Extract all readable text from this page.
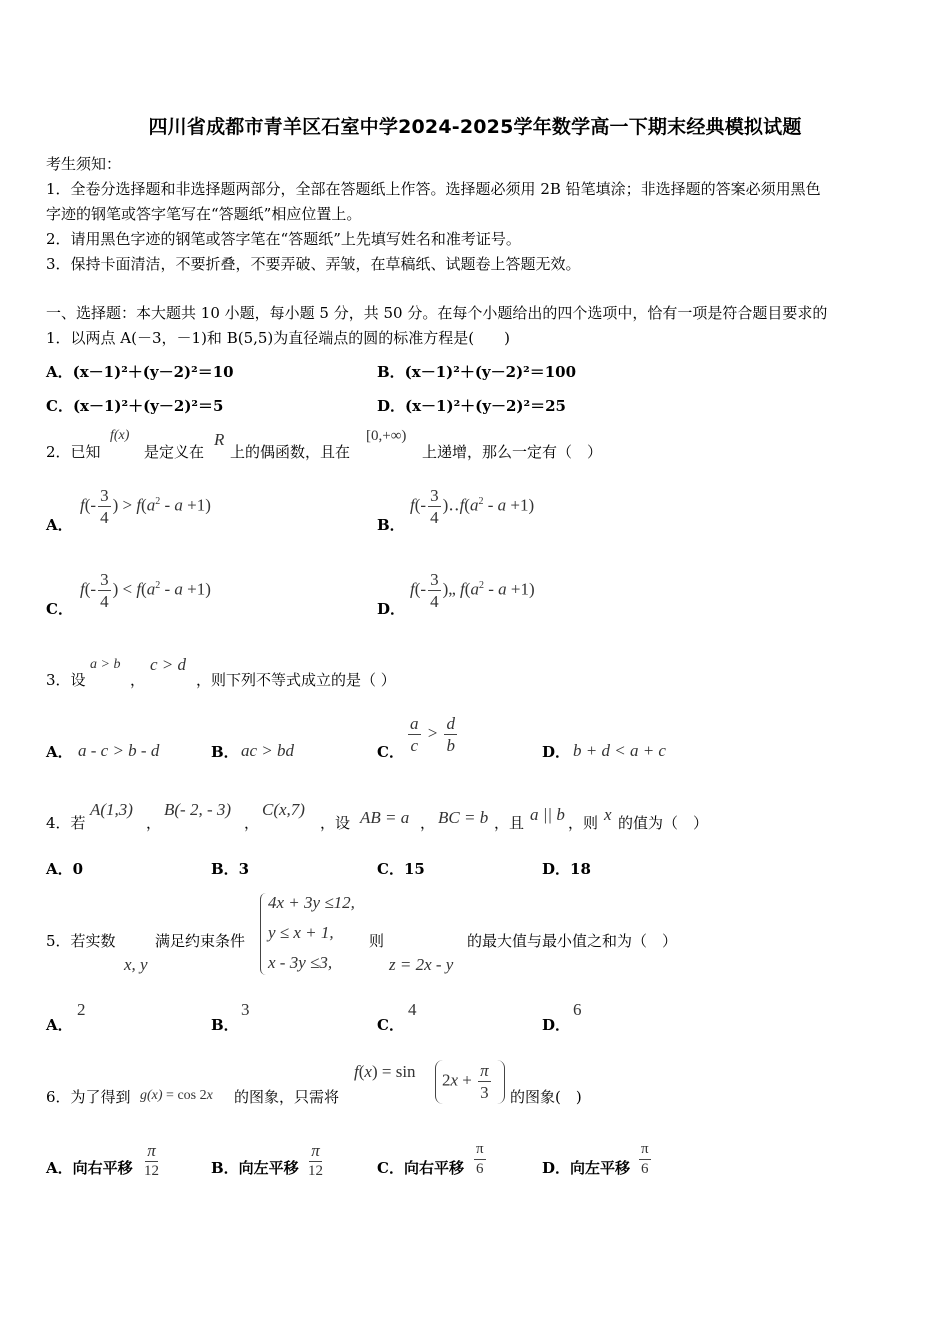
四川省成都市青羊区石室中学2024-2025学年数学高一下期末经典模拟试题
考生须知：
1．全卷分选择题和非选择题两部分，全部在答题纸上作答。选择题必须用 2B 铅笔填涂；非选择题的答案必须用黑色
字迹的钢笔或答字笔写在“答题纸”相应位置上。
2．请用黑色字迹的钢笔或答字笔在“答题纸”上先填写姓名和准考证号。
3．保持卡面清洁，不要折叠，不要弄破、弄皱，在草稿纸、试题卷上答题无效。
一、选择题：本大题共 10 小题，每小题 5 分，共 50 分。在每个小题给出的四个选项中，恰有一项是符合题目要求的
1．以两点 A(－3，－1)和 B(5,5)为直径端点的圆的标准方程是(　　)
A．(x－1)²＋(y－2)²＝10	B．(x－1)²＋(y－2)²＝100
C．(x－1)²＋(y－2)²＝5	D．(x－1)²＋(y－2)²＝25
2．已知
f(x)
是定义在
R
上的偶函数，且在
[0,+∞)
上递增，那么一定有（　）
A．
$f(- \frac{3}{4}$ ) > $f(a^2 - a +1)$
B．
$f(- \frac{3}{4}$ )$‥f(a^2 - a +1)$
C．
$f(- \frac{3}{4}$ ) < $f(a^2 - a +1)$
D．
$f(- \frac{3}{4}$ )„ $f(a^2 - a +1)$
3．设
a > b
，
c > d
，则下列不等式成立的是（ ）
A． a - c > b - d	B． ac > bd	C． $\frac{a}{c} > \frac{d}{b}$	D． b + d < a + c
4．若
A(1,3)
，
B(- 2, - 3)
，
C(x,7)
，设 AB = a ， BC = b ，且 a || b ，则 x 的值为（　）
A．0	B．3	C．15	D．18
5．若实数
x, y
满足约束条件
4x + 3y ≤12,
y ≤ x + 1,
x - 3y ≤3,
则
z = 2x - y
的最大值与最小值之和为（　）
A．
2
B．
3
C．
4
D．
6
6．为了得到 g(x) = cos 2x 的图象，只需将
$f(x) = \sin 2x + \frac{\pi}{3}$ 的图象(　)
A．向右平移 $\frac{\pi}{12}$	B．向左平移 $\frac{\pi}{12}$	C．向右平移 $\frac{\pi}{6}$	D．向左平移 $\frac{\pi}{6}$
